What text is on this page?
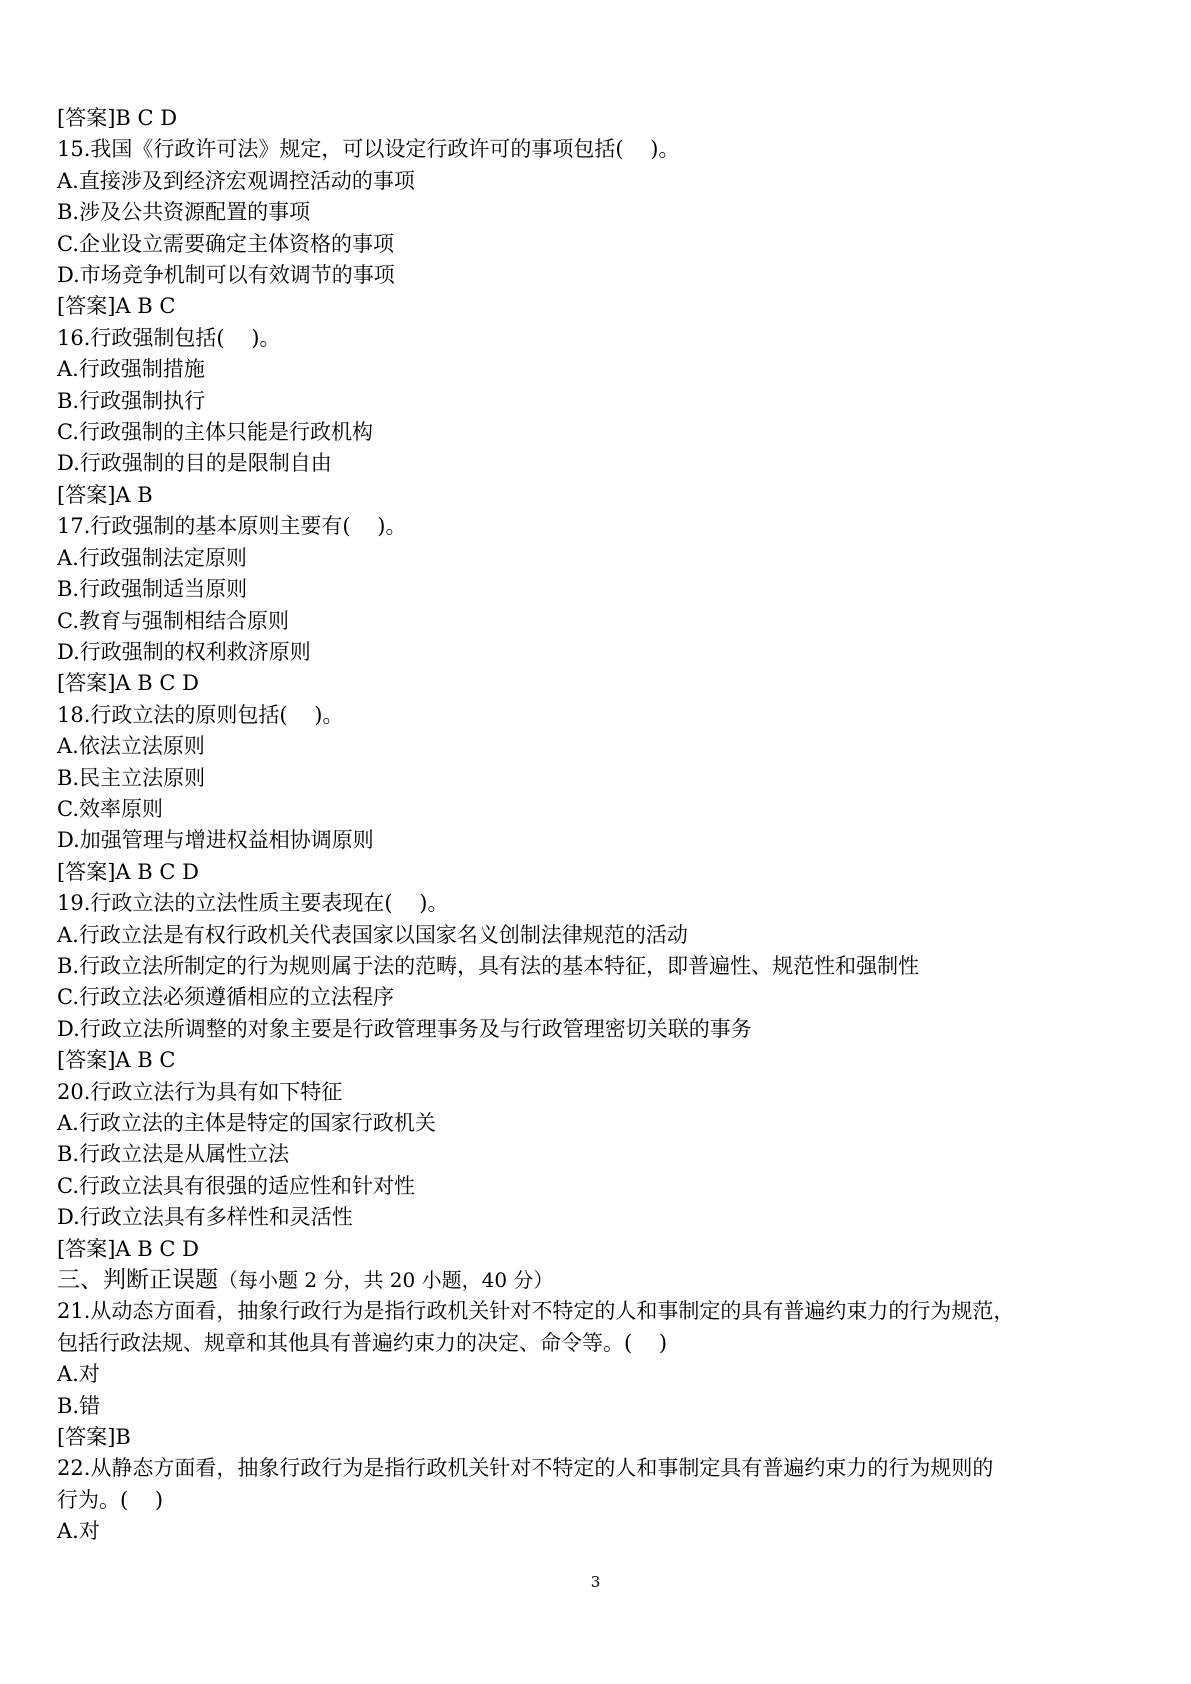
[答案]B C D
15.我国《行政许可法》规定，可以设定行政许可的事项包括(    )。
A.直接涉及到经济宏观调控活动的事项
B.涉及公共资源配置的事项
C.企业设立需要确定主体资格的事项
D.市场竞争机制可以有效调节的事项
[答案]A B C
16.行政强制包括(    )。
A.行政强制措施
B.行政强制执行
C.行政强制的主体只能是行政机构
D.行政强制的目的是限制自由
[答案]A B
17.行政强制的基本原则主要有(    )。
A.行政强制法定原则
B.行政强制适当原则
C.教育与强制相结合原则
D.行政强制的权利救济原则
[答案]A B C D
18.行政立法的原则包括(    )。
A.依法立法原则
B.民主立法原则
C.效率原则
D.加强管理与增进权益相协调原则
[答案]A B C D
19.行政立法的立法性质主要表现在(    )。
A.行政立法是有权行政机关代表国家以国家名义创制法律规范的活动
B.行政立法所制定的行为规则属于法的范畴，具有法的基本特征，即普遍性、规范性和强制性
C.行政立法必须遵循相应的立法程序
D.行政立法所调整的对象主要是行政管理事务及与行政管理密切关联的事务
[答案]A B C
20.行政立法行为具有如下特征
A.行政立法的主体是特定的国家行政机关
B.行政立法是从属性立法
C.行政立法具有很强的适应性和针对性
D.行政立法具有多样性和灵活性
[答案]A B C D
三、判断正误题（每小题 2 分，共 20 小题，40 分）
21.从动态方面看，抽象行政行为是指行政机关针对不特定的人和事制定的具有普遍约束力的行为规范，
包括行政法规、规章和其他具有普遍约束力的决定、命令等。(    )
A.对
B.错
[答案]B
22.从静态方面看，抽象行政行为是指行政机关针对不特定的人和事制定具有普遍约束力的行为规则的
行为。(    )
A.对
3
